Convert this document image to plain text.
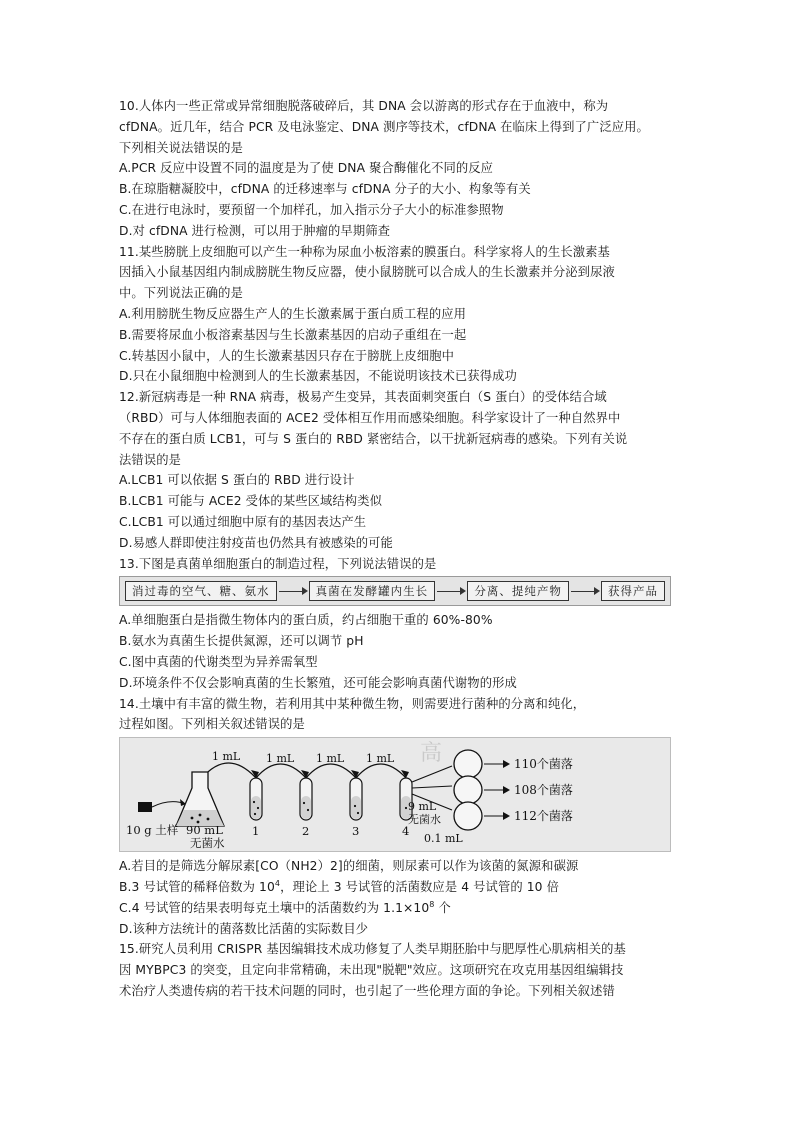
10.人体内一些正常或异常细胞脱落破碎后，其 DNA 会以游离的形式存在于血液中，称为
cfDNA。近几年，结合 PCR 及电泳鉴定、DNA 测序等技术，cfDNA 在临床上得到了广泛应用。
下列相关说法错误的是
A.PCR 反应中设置不同的温度是为了使 DNA 聚合酶催化不同的反应
B.在琼脂糖凝胶中，cfDNA 的迁移速率与 cfDNA 分子的大小、构象等有关
C.在进行电泳时，要预留一个加样孔，加入指示分子大小的标准参照物
D.对 cfDNA 进行检测，可以用于肿瘤的早期筛查
11.某些膀胱上皮细胞可以产生一种称为尿血小板溶素的膜蛋白。科学家将人的生长激素基
因插入小鼠基因组内制成膀胱生物反应器，使小鼠膀胱可以合成人的生长激素并分泌到尿液
中。下列说法正确的是
A.利用膀胱生物反应器生产人的生长激素属于蛋白质工程的应用
B.需要将尿血小板溶素基因与生长激素基因的启动子重组在一起
C.转基因小鼠中，人的生长激素基因只存在于膀胱上皮细胞中
D.只在小鼠细胞中检测到人的生长激素基因，不能说明该技术已获得成功
12.新冠病毒是一种 RNA 病毒，极易产生变异，其表面刺突蛋白（S 蛋白）的受体结合域
（RBD）可与人体细胞表面的 ACE2 受体相互作用而感染细胞。科学家设计了一种自然界中
不存在的蛋白质 LCB1，可与 S 蛋白的 RBD 紧密结合，以干扰新冠病毒的感染。下列有关说
法错误的是
A.LCB1 可以依据 S 蛋白的 RBD 进行设计
B.LCB1 可能与 ACE2 受体的某些区域结构类似
C.LCB1 可以通过细胞中原有的基因表达产生
D.易感人群即使注射疫苗也仍然具有被感染的可能
13.下图是真菌单细胞蛋白的制造过程，下列说法错误的是
消过毒的空气、糖、氨水	真菌在发酵罐内生长	分离、提纯产物	获得产品
A.单细胞蛋白是指微生物体内的蛋白质，约占细胞干重的 60%-80%
B.氨水为真菌生长提供氮源，还可以调节 pH
C.图中真菌的代谢类型为异养需氧型
D.环境条件不仅会影响真菌的生长繁殖，还可能会影响真菌代谢物的形成
14.土壤中有丰富的微生物，若利用其中某种微生物，则需要进行菌种的分离和纯化，
过程如图。下列相关叙述错误的是
高
1 mL 1 mL 1 mL 1 mL
10 g 土样 90 mL
无菌水
1	2	3	4
9 mL
无菌水
0.1 mL
110个菌落
108个菌落
112个菌落
A.若目的是筛选分解尿素[CO（NH2）2]的细菌，则尿素可以作为该菌的氮源和碳源
B.3 号试管的稀释倍数为 $10^4$，理论上 3 号试管的活菌数应是 4 号试管的 10 倍
C.4 号试管的结果表明每克土壤中的活菌数约为 $1.1\times 10^8$ 个
D.该种方法统计的菌落数比活菌的实际数目少
15.研究人员利用 CRISPR 基因编辑技术成功修复了人类早期胚胎中与肥厚性心肌病相关的基
因 MYBPC3 的突变，且定向非常精确，未出现"脱靶"效应。这项研究在攻克用基因组编辑技
术治疗人类遗传病的若干技术问题的同时，也引起了一些伦理方面的争论。下列相关叙述错
